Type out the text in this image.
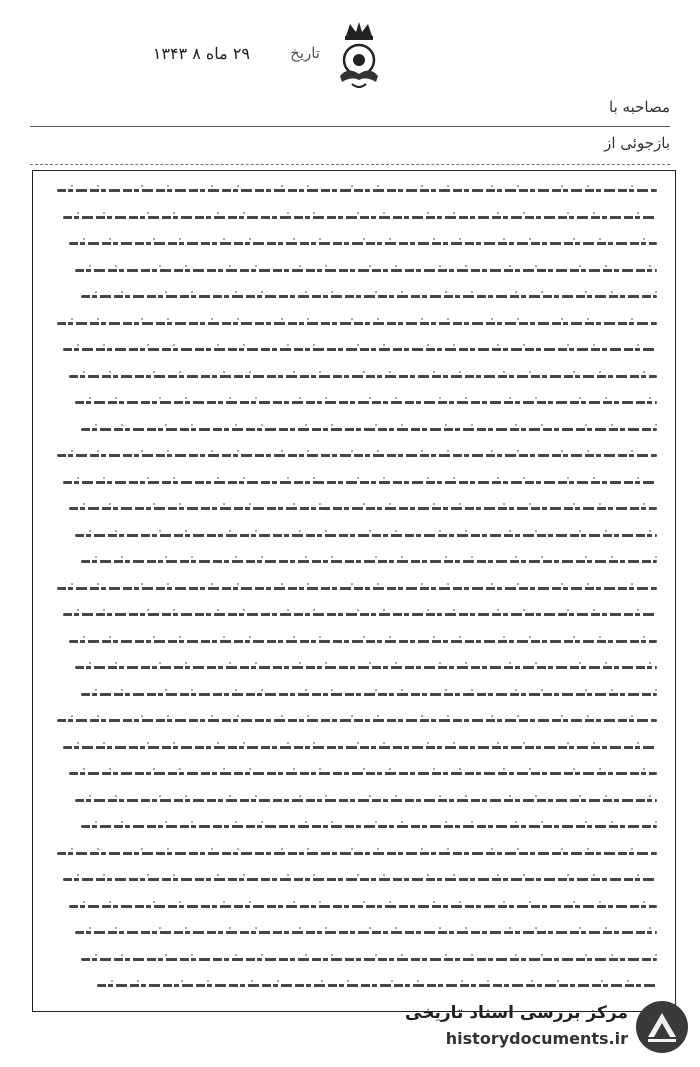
تاریخ
۲۹ ماه ۸ ۱۳۴۳
مصاحبه با
بازجوئی از
مرکز بررسی اسناد تاریخی
historydocuments.ir
